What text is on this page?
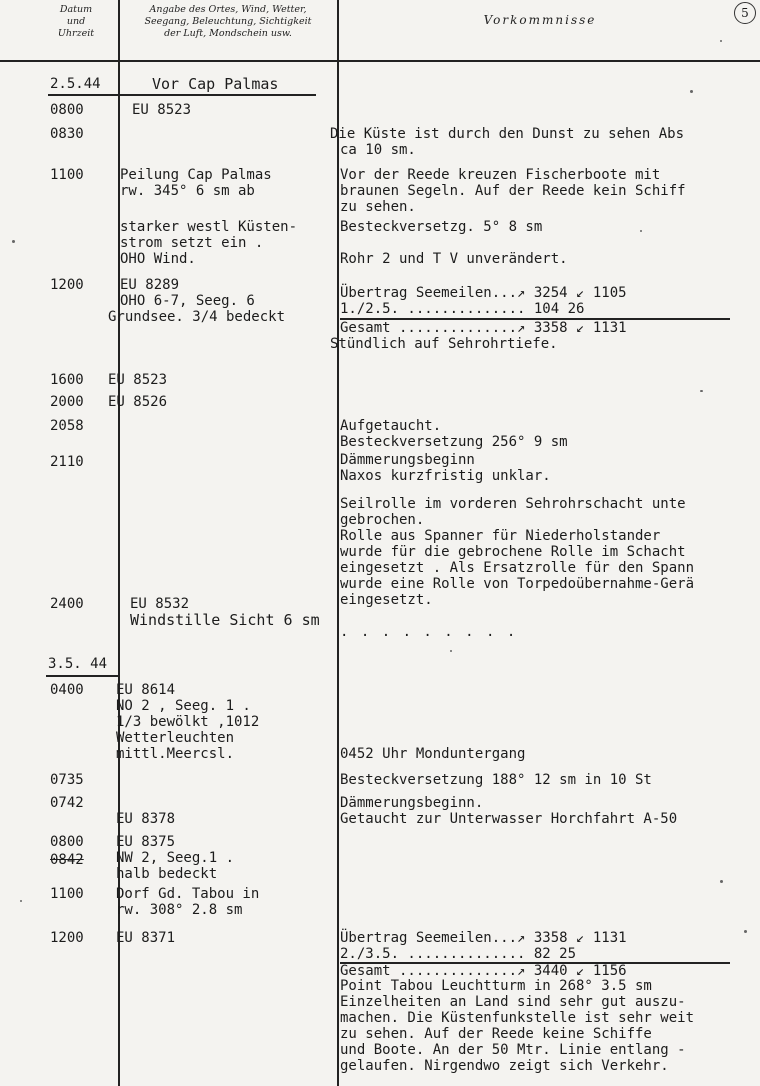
Datum
und
Uhrzeit
Angabe des Ortes, Wind, Wetter,
Seegang, Beleuchtung, Sichtigkeit
der Luft, Mondschein usw.
Vorkommnisse	5
2.5.44	Vor Cap Palmas
0800
0830
1100
1200
1600
2000
2058
2110
2400
EU 8523
Peilung Cap Palmas
rw. 345° 6 sm ab
starker westl Küsten-
strom setzt ein .
OHO Wind.
EU 8289
OHO 6-7, Seeg. 6
Grundsee. 3/4 bedeckt
EU 8523
EU 8526
EU 8532
Windstille Sicht 6 sm
. . . . . . . . .
Die Küste ist durch den Dunst zu sehen Abs
ca 10 sm.
Vor der Reede kreuzen Fischerboote mit
braunen Segeln. Auf der Reede kein Schiff
zu sehen.
Besteckversetzg. 5° 8 sm
Rohr 2 und T V unverändert.
Übertrag Seemeilen...↗ 3254 ↙ 1105
1./2.5. .............. 104 26
Gesamt ..............↗ 3358 ↙ 1131
Stündlich auf Sehrohrtiefe.
Aufgetaucht.
Besteckversetzung 256° 9 sm
Dämmerungsbeginn
Naxos kurzfristig unklar.
Seilrolle im vorderen Sehrohrschacht unte
gebrochen.
Rolle aus Spanner für Niederholstander
wurde für die gebrochene Rolle im Schacht
eingesetzt . Als Ersatzrolle für den Spann
wurde eine Rolle von Torpedoübernahme-Gerä
eingesetzt.
3.5. 44
0400
0735
0742
0800
0842
1100
1200
EU 8614
NO 2 , Seeg. 1 .
1/3 bewölkt ,1012
Wetterleuchten
mittl.Meercsl.
EU 8378
EU 8375
NW 2, Seeg.1 .
halb bedeckt
Dorf Gd. Tabou in
rw. 308° 2.8 sm
EU 8371
0452 Uhr Monduntergang
Besteckversetzung 188° 12 sm in 10 St
Dämmerungsbeginn.
Getaucht zur Unterwasser Horchfahrt A-50
Übertrag Seemeilen...↗ 3358 ↙ 1131
2./3.5. .............. 82 25
Gesamt ..............↗ 3440 ↙ 1156
Point Tabou Leuchtturm in 268° 3.5 sm
Einzelheiten an Land sind sehr gut auszu-
machen. Die Küstenfunkstelle ist sehr weit
zu sehen. Auf der Reede keine Schiffe
und Boote. An der 50 Mtr. Linie entlang -
gelaufen. Nirgendwo zeigt sich Verkehr.
